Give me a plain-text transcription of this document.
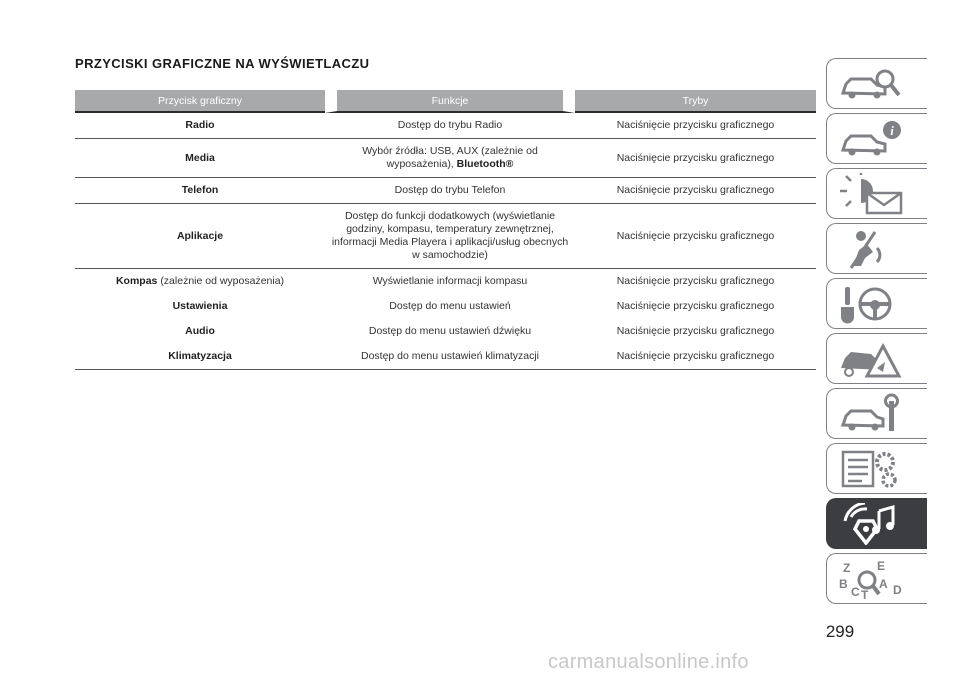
PRZYCISKI GRAFICZNE NA WYŚWIETLACZU
Przycisk graficzny	Funkcje	Tryby
Radio	Dostęp do trybu Radio	Naciśnięcie przycisku graficznego
Media	Wybór źródła: USB, AUX (zależnie od wyposażenia), Bluetooth®	Naciśnięcie przycisku graficznego
Telefon	Dostęp do trybu Telefon	Naciśnięcie przycisku graficznego
Aplikacje	Dostęp do funkcji dodatkowych (wyświetlanie godziny, kompasu, temperatury zewnętrznej, informacji Media Playera i aplikacji/usług obecnych w samochodzie)	Naciśnięcie przycisku graficznego
Kompas (zależnie od wyposażenia)	Wyświetlanie informacji kompasu	Naciśnięcie przycisku graficznego
Ustawienia	Dostęp do menu ustawień	Naciśnięcie przycisku graficznego
Audio	Dostęp do menu ustawień dźwięku	Naciśnięcie przycisku graficznego
Klimatyzacja	Dostęp do menu ustawień klimatyzacji	Naciśnięcie przycisku graficznego
i
Z E
B
C
A D
T
299
carmanualsonline.info
